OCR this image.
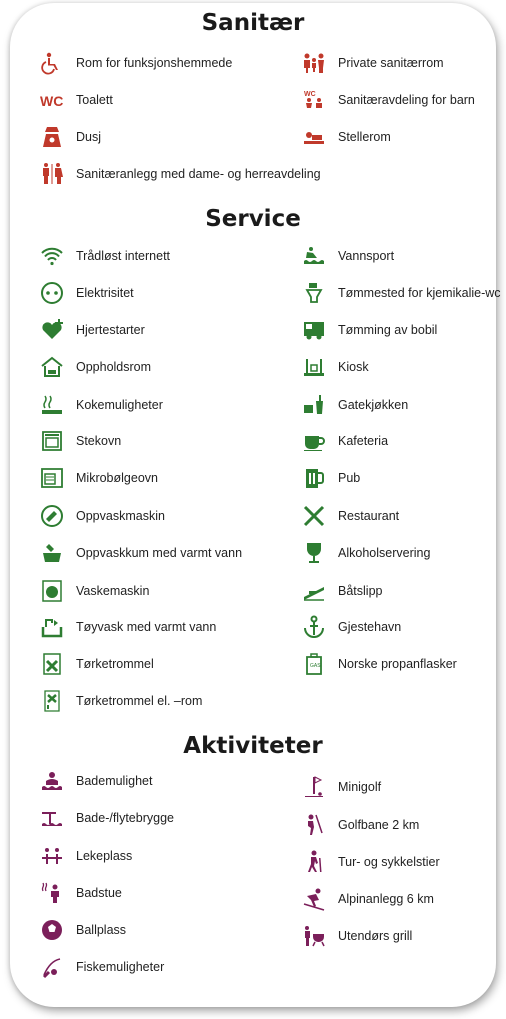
Sanitær
Service
Aktiviteter
Rom for funksjonshemmede	Private sanitærrom
WC Toalett	WC Sanitæravdeling for barn
Dusj	Stellerom
Sanitæranlegg med dame- og herreavdeling
Trådløst internett	Vannsport
Elektrisitet	Tømmested for kjemikalie-wc
Hjertestarter	Tømming av bobil
Oppholdsrom	Kiosk
Kokemuligheter	Gatekjøkken
Stekovn	Kafeteria
Mikrobølgeovn	Pub
Oppvaskmaskin	Restaurant
Oppvaskkum med varmt vann	Alkoholservering
Vaskemaskin	Båtslipp
Tøyvask med varmt vann	Gjestehavn
Tørketrommel	GAS Norske propanflasker
Tørketrommel el. –rom
Bademulighet	Minigolf
Bade-/flytebrygge	Golfbane 2 km
Lekeplass	Tur- og sykkelstier
Badstue	Alpinanlegg 6 km
Ballplass	Utendørs grill
Fiskemuligheter
